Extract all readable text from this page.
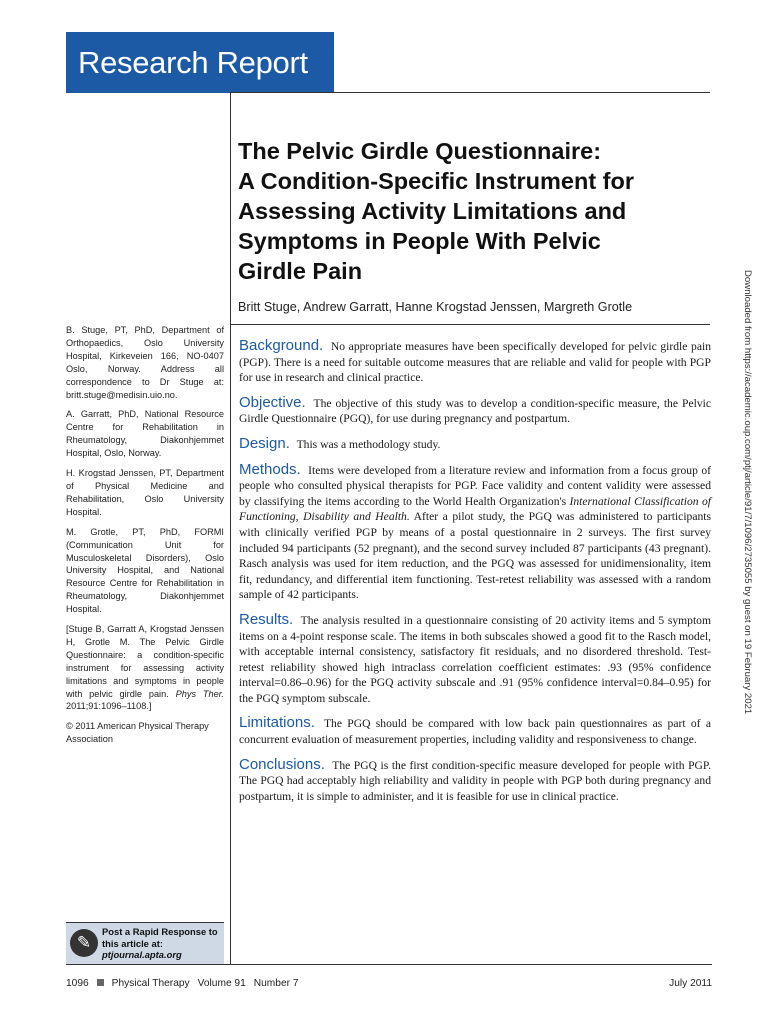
Research Report
The Pelvic Girdle Questionnaire:
A Condition-Specific Instrument for
Assessing Activity Limitations and
Symptoms in People With Pelvic
Girdle Pain
Britt Stuge, Andrew Garratt, Hanne Krogstad Jenssen, Margreth Grotle

B. Stuge, PT, PhD, Department of Orthopaedics, Oslo University Hospital, Kirkeveien 166, NO-0407 Oslo, Norway. Address all correspondence to Dr Stuge at: britt.stuge@medisin.uio.no.

A. Garratt, PhD, National Resource Centre for Rehabilitation in Rheumatology, Diakonhjemmet Hospital, Oslo, Norway.

H. Krogstad Jenssen, PT, Department of Physical Medicine and Rehabilitation, Oslo University Hospital.

M. Grotle, PT, PhD, FORMI (Communication Unit for Musculoskeletal Disorders), Oslo University Hospital, and National Resource Centre for Rehabilitation in Rheumatology, Diakonhjemmet Hospital.

[Stuge B, Garratt A, Krogstad Jenssen H, Grotle M. The Pelvic Girdle Questionnaire: a condition-specific instrument for assessing activity limitations and symptoms in people with pelvic girdle pain. Phys Ther. 2011;91:1096–1108.]

© 2011 American Physical Therapy Association

Background. No appropriate measures have been specifically developed for pelvic girdle pain (PGP). There is a need for suitable outcome measures that are reliable and valid for people with PGP for use in research and clinical practice.

Objective. The objective of this study was to develop a condition-specific measure, the Pelvic Girdle Questionnaire (PGQ), for use during pregnancy and postpartum.

Design. This was a methodology study.

Methods. Items were developed from a literature review and information from a focus group of people who consulted physical therapists for PGP. Face validity and content validity were assessed by classifying the items according to the World Health Organization's International Classification of Functioning, Disability and Health. After a pilot study, the PGQ was administered to participants with clinically verified PGP by means of a postal questionnaire in 2 surveys. The first survey included 94 participants (52 pregnant), and the second survey included 87 participants (43 pregnant). Rasch analysis was used for item reduction, and the PGQ was assessed for unidimensionality, item fit, redundancy, and differential item functioning. Test-retest reliability was assessed with a random sample of 42 participants.

Results. The analysis resulted in a questionnaire consisting of 20 activity items and 5 symptom items on a 4-point response scale. The items in both subscales showed a good fit to the Rasch model, with acceptable internal consistency, satisfactory fit residuals, and no disordered threshold. Test-retest reliability showed high intraclass correlation coefficient estimates: .93 (95% confidence interval=0.86–0.96) for the PGQ activity subscale and .91 (95% confidence interval=0.84–0.95) for the PGQ symptom subscale.

Limitations. The PGQ should be compared with low back pain questionnaires as part of a concurrent evaluation of measurement properties, including validity and responsiveness to change.

Conclusions. The PGQ is the first condition-specific measure developed for people with PGP. The PGQ had acceptably high reliability and validity in people with PGP both during pregnancy and postpartum, it is simple to administer, and it is feasible for use in clinical practice.

Downloaded from https://academic.oup.com/ptj/article/91/7/1096/2735055 by guest on 19 February 2021
✎
Post a Rapid Response to
this article at:
ptjournal.apta.org
1096 Physical Therapy Volume 91 Number 7	July 2011
